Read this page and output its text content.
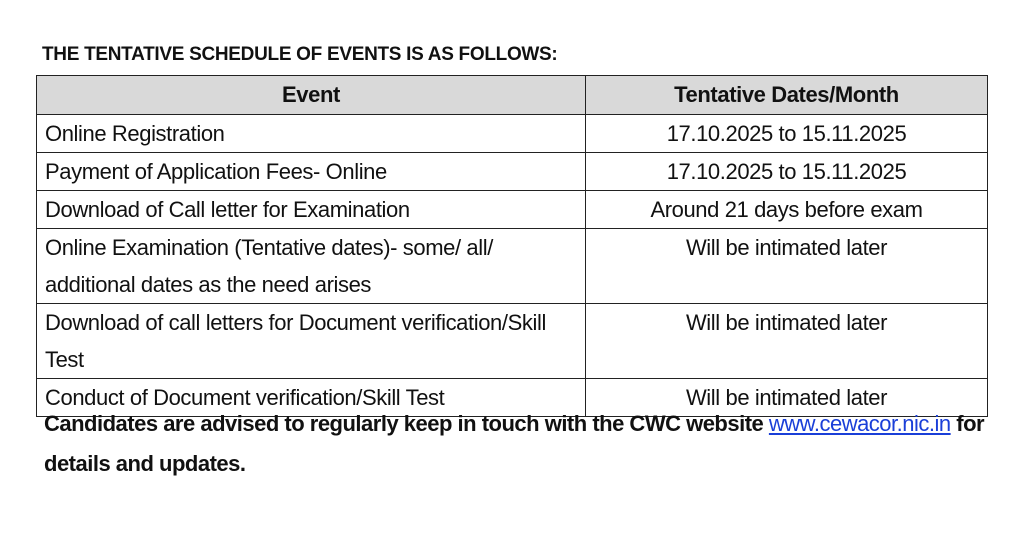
THE TENTATIVE SCHEDULE OF EVENTS IS AS FOLLOWS:
Event	Tentative Dates/Month
Online Registration	17.10.2025 to 15.11.2025
Payment of Application Fees- Online	17.10.2025 to 15.11.2025
Download of Call letter for Examination	Around 21 days before exam
Online Examination (Tentative dates)- some/ all/ additional dates as the need arises	Will be intimated later
Download of call letters for Document verification/Skill Test	Will be intimated later
Conduct of Document verification/Skill Test	Will be intimated later
Candidates are advised to regularly keep in touch with the CWC website www.cewacor.nic.in for details and updates.
